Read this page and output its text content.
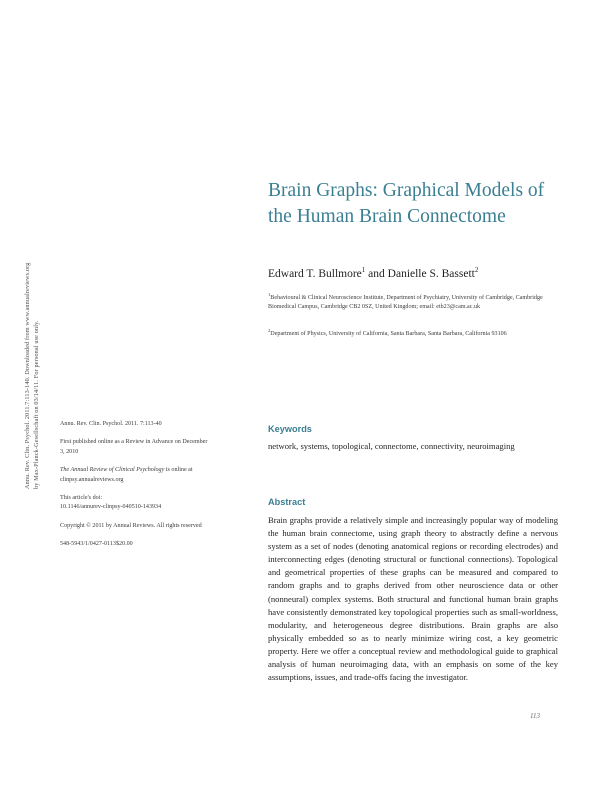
Annu. Rev. Clin. Psychol. 2011.7:113-140. Downloaded from www.annualreviews.org by Max-Planck-Gesellschaft on 03/14/11. For personal use only.
Brain Graphs: Graphical Models of the Human Brain Connectome
Edward T. Bullmore$^1$ and Danielle S. Bassett$^2$
$^1$Behavioural & Clinical Neuroscience Institute, Department of Psychiatry, University of Cambridge, Cambridge Biomedical Campus, Cambridge CB2 0SZ, United Kingdom; email: etb23@cam.ac.uk
$^2$Department of Physics, University of California, Santa Barbara, Santa Barbara, California 93106
Annu. Rev. Clin. Psychol. 2011. 7:113-40
First published online as a Review in Advance on December 3, 2010
The Annual Review of Clinical Psychology is online at clinpsy.annualreviews.org
This article's doi:
10.1146/annurev-clinpsy-040510-143934
Copyright © 2011 by Annual Reviews. All rights reserved
548-5943/1/0427-0113$20.00
Keywords
network, systems, topological, connectome, connectivity, neuroimaging
Abstract
Brain graphs provide a relatively simple and increasingly popular way of modeling the human brain connectome, using graph theory to abstractly define a nervous system as a set of nodes (denoting anatomical regions or recording electrodes) and interconnecting edges (denoting structural or functional connections). Topological and geometrical properties of these graphs can be measured and compared to random graphs and to graphs derived from other neuroscience data or other (nonneural) complex systems. Both structural and functional human brain graphs have consistently demonstrated key topological properties such as small-worldness, modularity, and heterogeneous degree distributions. Brain graphs are also physically embedded so as to nearly minimize wiring cost, a key geometric property. Here we offer a conceptual review and methodological guide to graphical analysis of human neuroimaging data, with an emphasis on some of the key assumptions, issues, and trade-offs facing the investigator.
113
